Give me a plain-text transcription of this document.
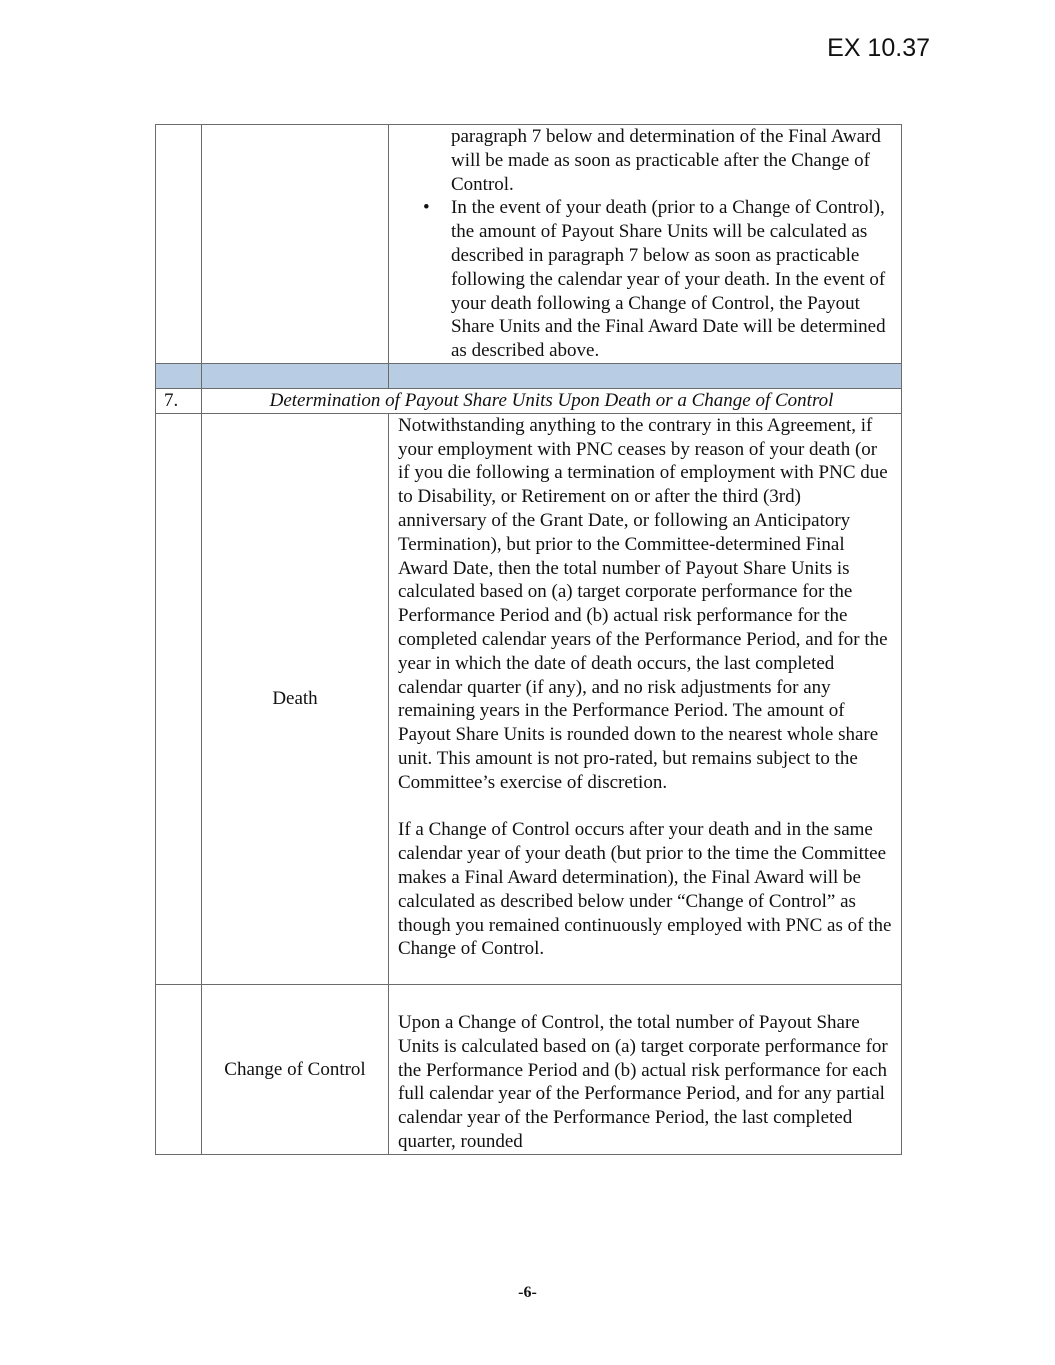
EX 10.37

		paragraph 7 below and determination of the Final Award will be made as soon as practicable after the Change of Control.
• In the event of your death (prior to a Change of Control), the amount of Payout Share Units will be calculated as described in paragraph 7 below as soon as practicable following the calendar year of your death. In the event of your death following a Change of Control, the Payout Share Units and the Final Award Date will be determined as described above.

7.	Determination of Payout Share Units Upon Death or a Change of Control	
	Death	Notwithstanding anything to the contrary in this Agreement, if your employment with PNC ceases by reason of your death (or if you die following a termination of employment with PNC due to Disability, or Retirement on or after the third (3rd) anniversary of the Grant Date, or following an Anticipatory Termination), but prior to the Committee-determined Final Award Date, then the total number of Payout Share Units is calculated based on (a) target corporate performance for the Performance Period and (b) actual risk performance for the completed calendar years of the Performance Period, and for the year in which the date of death occurs, the last completed calendar quarter (if any), and no risk adjustments for any remaining years in the Performance Period. The amount of Payout Share Units is rounded down to the nearest whole share unit. This amount is not pro-rated, but remains subject to the Committee’s exercise of discretion.

If a Change of Control occurs after your death and in the same calendar year of your death (but prior to the time the Committee makes a Final Award determination), the Final Award will be calculated as described below under “Change of Control” as though you remained continuously employed with PNC as of the Change of Control.

	Change of Control	Upon a Change of Control, the total number of Payout Share Units is calculated based on (a) target corporate performance for the Performance Period and (b) actual risk performance for each full calendar year of the Performance Period, and for any partial calendar year of the Performance Period, the last completed quarter, rounded

-6-
